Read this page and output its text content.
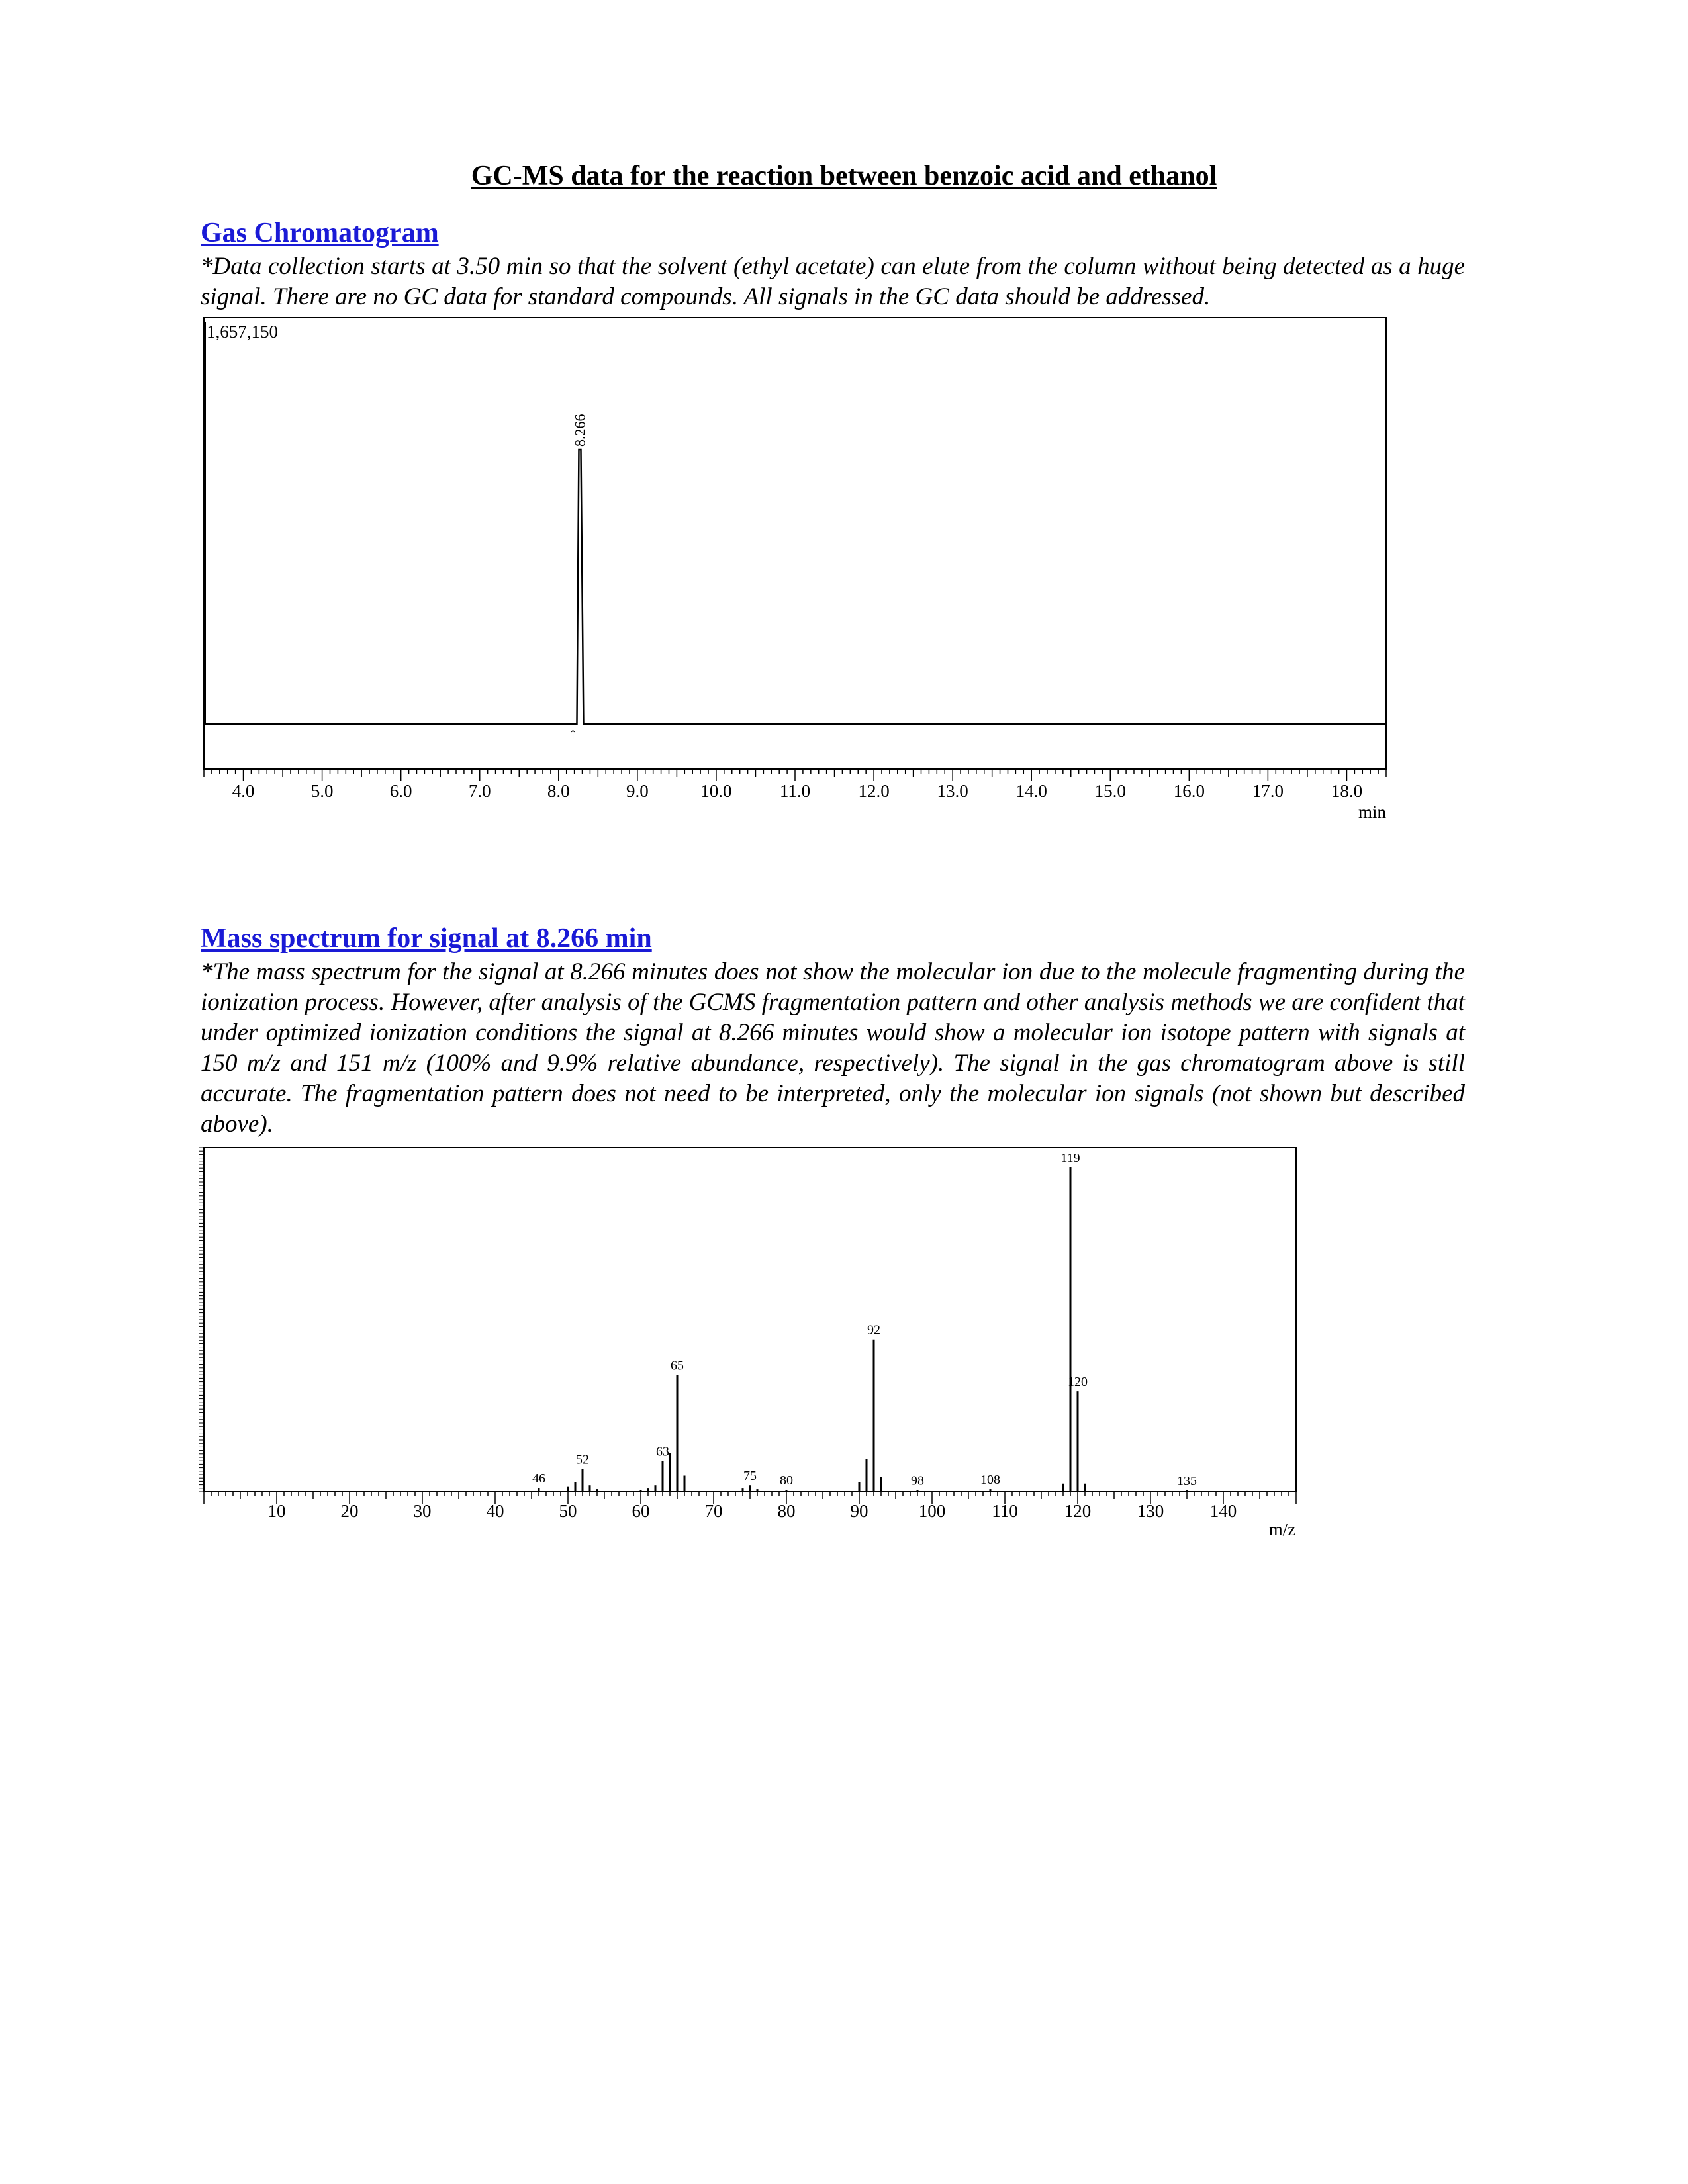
GC-MS data for the reaction between benzoic acid and ethanol
Gas Chromatogram
*Data collection starts at 3.50 min so that the solvent (ethyl acetate) can elute from the column without being detected as a huge signal. There are no GC data for standard compounds. All signals in the GC data should be addressed.
Mass spectrum for signal at 8.266 min
*The mass spectrum for the signal at 8.266 minutes does not show the molecular ion due to the molecule fragmenting during the ionization process. However, after analysis of the GCMS fragmentation pattern and other analysis methods we are confident that under optimized ionization conditions the signal at 8.266 minutes would show a molecular ion isotope pattern with signals at 150 m/z and 151 m/z (100% and 9.9% relative abundance, respectively). The signal in the gas chromatogram above is still accurate. The fragmentation pattern does not need to be interpreted, only the molecular ion signals (not shown but described above).
1,657,150
4.0	5.0	6.0	7.0	8.0	9.0	10.0	11.0	12.0	13.0	14.0	15.0	16.0	17.0	18.0
↑
↓
8.266
min
10	20	30	40	50	60	70	80	90	100	110	120	130	140
46
52
63
65
75 80
92
98	108
119
120
135
m/z
